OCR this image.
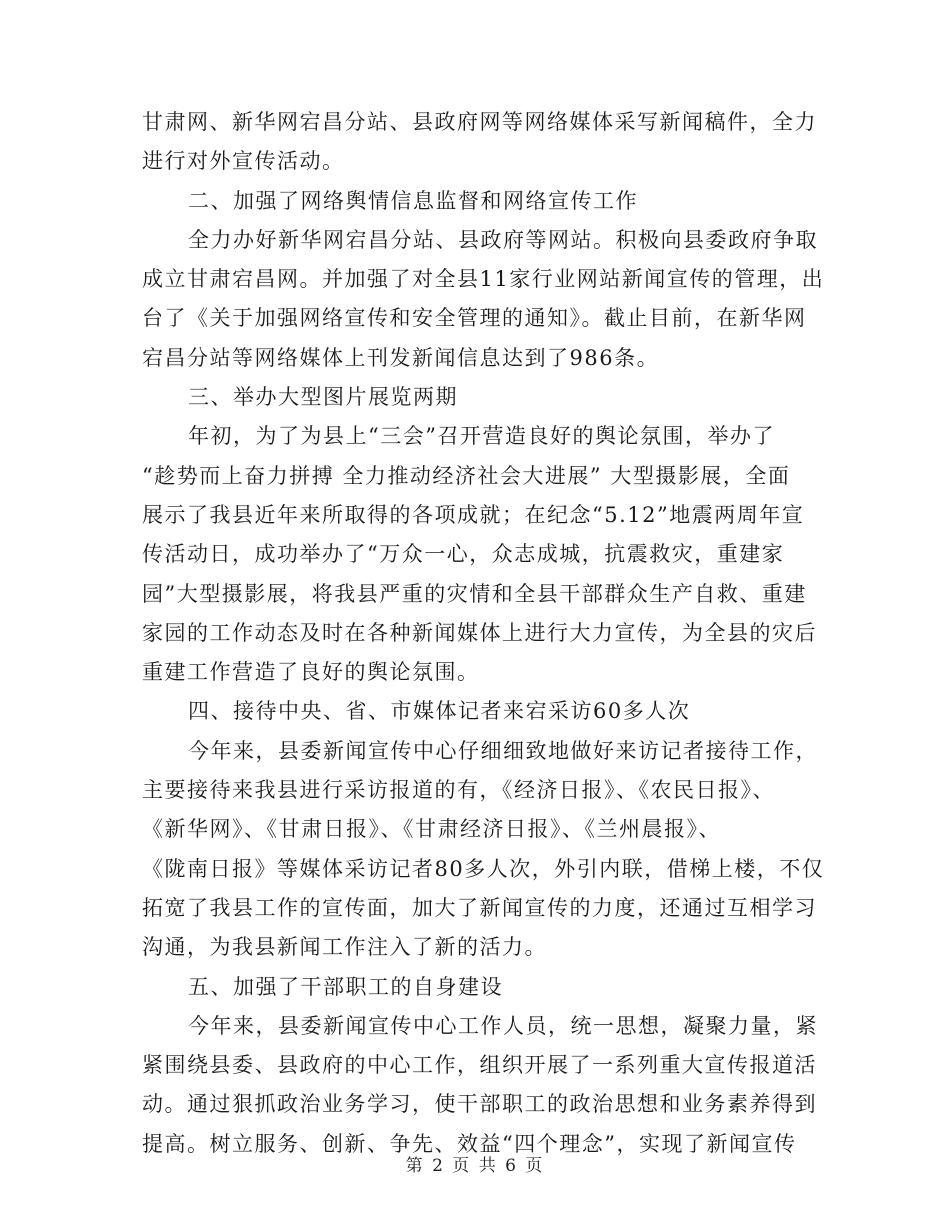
甘肃网、新华网宕昌分站、县政府网等网络媒体采写新闻稿件，全力
进行对外宣传活动。
二、加强了网络舆情信息监督和网络宣传工作
全力办好新华网宕昌分站、县政府等网站。积极向县委政府争取
成立甘肃宕昌网。并加强了对全县11家行业网站新闻宣传的管理，出
台了《关于加强网络宣传和安全管理的通知》。截止目前，在新华网
宕昌分站等网络媒体上刊发新闻信息达到了986条。
三、举办大型图片展览两期
年初，为了为县上“三会”召开营造良好的舆论氛围，举办了
“趁势而上奋力拼搏 全力推动经济社会大进展” 大型摄影展，全面
展示了我县近年来所取得的各项成就；在纪念“5.12”地震两周年宣
传活动日，成功举办了“万众一心，众志成城，抗震救灾，重建家
园”大型摄影展，将我县严重的灾情和全县干部群众生产自救、重建
家园的工作动态及时在各种新闻媒体上进行大力宣传，为全县的灾后
重建工作营造了良好的舆论氛围。
四、接待中央、省、市媒体记者来宕采访60多人次
今年来，县委新闻宣传中心仔细细致地做好来访记者接待工作，
主要接待来我县进行采访报道的有，《经济日报》、《农民日报》、
《新华网》、《甘肃日报》、《甘肃经济日报》、《兰州晨报》、
《陇南日报》等媒体采访记者80多人次，外引内联，借梯上楼，不仅
拓宽了我县工作的宣传面，加大了新闻宣传的力度，还通过互相学习
沟通，为我县新闻工作注入了新的活力。
五、加强了干部职工的自身建设
今年来，县委新闻宣传中心工作人员，统一思想，凝聚力量，紧
紧围绕县委、县政府的中心工作，组织开展了一系列重大宣传报道活
动。通过狠抓政治业务学习，使干部职工的政治思想和业务素养得到
提高。树立服务、创新、争先、效益“四个理念”，实现了新闻宣传
第 2 页 共 6 页
